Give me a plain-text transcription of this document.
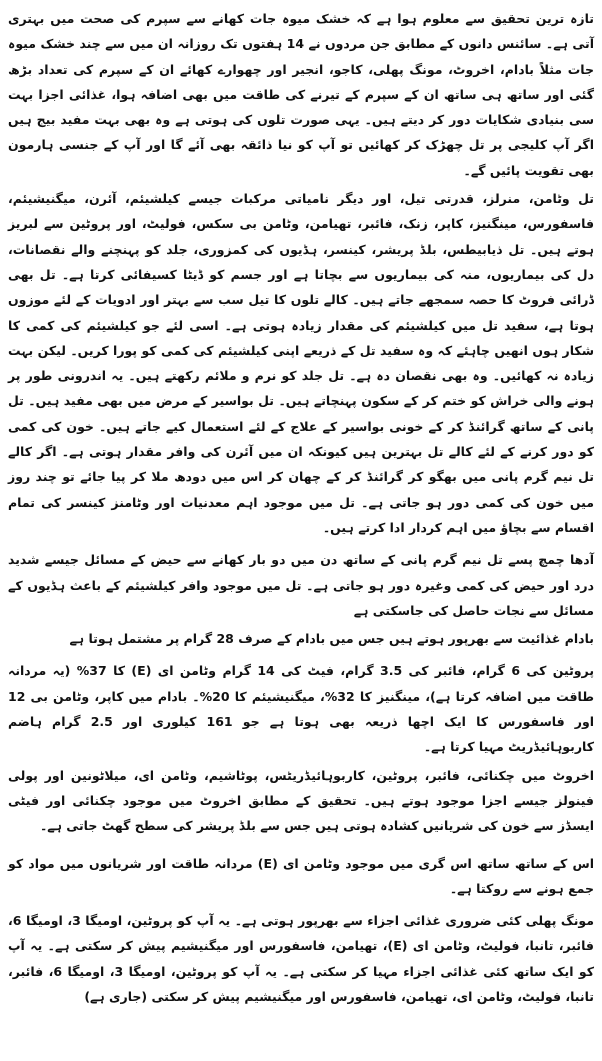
تازہ ترین تحقیق سے معلوم ہوا ہے کہ خشک میوہ جات کھانے سے سپرم کی صحت میں بہتری آتی ہے۔ سائنس دانوں کے مطابق جن مردوں نے 14 ہفتوں تک روزانہ ان میں سے چند خشک میوہ جات مثلاً بادام، اخروٹ، مونگ پھلی، کاجو، انجیر اور چھوارے کھائے ان کے سپرم کی تعداد بڑھ گئی اور ساتھ ہی ساتھ ان کے سپرم کے تیرنے کی طاقت میں بھی اضافہ ہوا، غذائی اجزا بہت سی بنیادی شکایات دور کر دیتے ہیں۔ یہی صورت تلوں کی ہوتی ہے وہ بھی بہت مفید بیج ہیں اگر آپ کلیجی پر تل چھڑک کر کھائیں تو آپ کو نیا ذائقہ بھی آئے گا اور آپ کے جنسی ہارمون بھی تقویت پائیں گے۔

تل وٹامن، منرلز، قدرتی تیل، اور دیگر نامیاتی مرکبات جیسے کیلشیئم، آئرن، میگنیشیئم، فاسفورس، مینگنیز، کاپر، زنک، فائبر، تھیامن، وٹامن بی سکس، فولیٹ، اور پروٹین سے لبریز ہوتے ہیں۔ تل ذیابیطس، بلڈ پریشر، کینسر، ہڈیوں کی کمزوری، جلد کو پہنچنے والے نقصانات، دل کی بیماریوں، منہ کی بیماریوں سے بچاتا ہے اور جسم کو ڈیٹا کسیفائی کرتا ہے۔ تل بھی ڈرائی فروٹ کا حصہ سمجھے جاتے ہیں۔ کالے تلوں کا تیل سب سے بہتر اور ادویات کے لئے موزوں ہوتا ہے، سفید تل میں کیلشیئم کی مقدار زیادہ ہوتی ہے۔ اسی لئے جو کیلشیئم کی کمی کا شکار ہوں انھیں چاہئے کہ وہ سفید تل کے ذریعے اپنی کیلشیئم کی کمی کو پورا کریں۔ لیکن بہت زیادہ نہ کھائیں۔ وہ بھی نقصان دہ ہے۔ تل جلد کو نرم و ملائم رکھتے ہیں۔ یہ اندرونی طور پر ہونے والی خراش کو ختم کر کے سکون پہنچاتے ہیں۔ تل بواسیر کے مرض میں بھی مفید ہیں۔ تل پانی کے ساتھ گرائنڈ کر کے خونی بواسیر کے علاج کے لئے استعمال کیے جاتے ہیں۔ خون کی کمی کو دور کرنے کے لئے کالے تل بہترین ہیں کیونکہ ان میں آئرن کی وافر مقدار ہوتی ہے۔ اگر کالے تل نیم گرم پانی میں بھگو کر گرائنڈ کر کے چھان کر اس میں دودھ ملا کر پیا جائے تو چند روز میں خون کی کمی دور ہو جاتی ہے۔ تل میں موجود اہم معدنیات اور وٹامنز کینسر کی تمام اقسام سے بچاؤ میں اہم کردار ادا کرتے ہیں۔

آدھا چمچ پسے تل نیم گرم پانی کے ساتھ دن میں دو بار کھانے سے حیض کے مسائل جیسے شدید درد اور حیض کی کمی وغیرہ دور ہو جاتی ہے۔ تل میں موجود وافر کیلشیئم کے باعث ہڈیوں کے مسائل سے نجات حاصل کی جاسکتی ہے

بادام غذائیت سے بھرپور ہوتے ہیں جس میں بادام کے صرف 28 گرام پر مشتمل ہوتا ہے

پروٹین کی 6 گرام، فائبر کی 3.5 گرام، فیٹ کی 14 گرام وٹامن ای (E) کا 37% (یہ مردانہ طاقت میں اضافہ کرتا ہے)، مینگنیز کا 32%، میگنیشیئم کا 20%۔ بادام میں کاپر، وٹامن بی 12 اور فاسفورس کا ایک اچھا ذریعہ بھی ہوتا ہے جو 161 کیلوری اور 2.5 گرام ہاضم کاربوہائیڈریٹ مہیا کرتا ہے۔

اخروٹ میں چکنائی، فائبر، پروٹین، کاربوہائیڈریٹس، پوٹاشیم، وٹامن ای، میلاٹونین اور پولی فینولز جیسے اجزا موجود ہوتے ہیں۔ تحقیق کے مطابق اخروٹ میں موجود چکنائی اور فیٹی ایسڈز سے خون کی شریانیں کشادہ ہوتی ہیں جس سے بلڈ پریشر کی سطح گھٹ جاتی ہے۔

اس کے ساتھ ساتھ اس گری میں موجود وٹامن ای (E) مردانہ طاقت اور شریانوں میں مواد کو جمع ہونے سے روکتا ہے۔

مونگ پھلی کئی ضروری غذائی اجزاء سے بھرپور ہوتی ہے۔ یہ آپ کو پروٹین، اومیگا 3، اومیگا 6، فائبر، تانبا، فولیٹ، وٹامن ای (E)، تھیامن، فاسفورس اور میگنیشیم پیش کر سکتی ہے۔ یہ آپ کو ایک ساتھ کئی غذائی اجزاء مہیا کر سکتی ہے۔ یہ آپ کو پروٹین، اومیگا 3، اومیگا 6، فائبر، تانبا، فولیٹ، وٹامن ای، تھیامن، فاسفورس اور میگنیشیم پیش کر سکتی (جاری ہے)
